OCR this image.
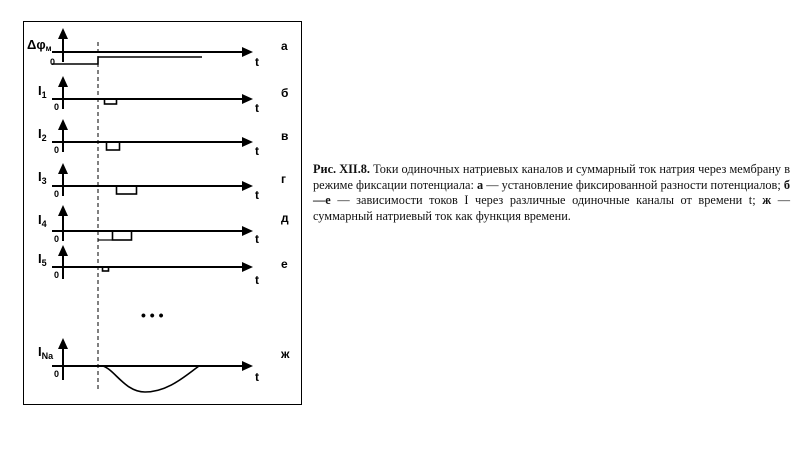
Δφм
0	t
а
$I_1$
0	t
б
$I_2$
0	t
в
$I_3$
0	t
г
$I_4$
0	t
д
$I_5$
0	t
е
• • •
$I_{Na}$
0	t
ж
Рис. XII.8. Токи одиночных натриевых каналов и суммарный ток натрия через мембрану в режиме фиксации потенциала: а — установление фиксированной разности потенциалов; б—е — зависимости токов I через различные одиночные каналы от времени t; ж — суммарный натриевый ток как функция времени.
